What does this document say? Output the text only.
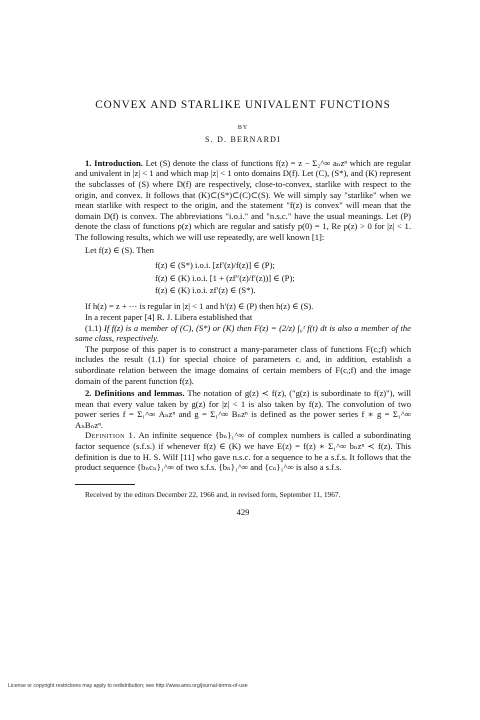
CONVEX AND STARLIKE UNIVALENT FUNCTIONS
BY
S. D. BERNARDI

1. Introduction. Let (S) denote the class of functions f(z) = z − Σ₂^∞ aₙzⁿ which are regular and univalent in |z| < 1 and which map |z| < 1 onto domains D(f). Let (C), (S*), and (K) represent the subclasses of (S) where D(f) are respectively, close-to-convex, starlike with respect to the origin, and convex. It follows that (K)⊂(S*)⊂(C)⊂(S). We will simply say "starlike" when we mean starlike with respect to the origin, and the statement "f(z) is convex" will mean that the domain D(f) is convex. The abbreviations "i.o.i." and "n.s.c." have the usual meanings. Let (P) denote the class of functions p(z) which are regular and satisfy p(0) = 1, Re p(z) > 0 for |z| < 1. The following results, which we will use repeatedly, are well known [1]:

Let f(z) ∈ (S). Then

f(z) ∈ (S*) i.o.i. [zf′(z)/f(z)] ∈ (P);
f(z) ∈ (K) i.o.i. [1 + (zf″(z)/f′(z))] ∈ (P);
f(z) ∈ (K) i.o.i. zf′(z) ∈ (S*).

If h(z) = z + ⋯ is regular in |z| < 1 and h′(z) ∈ (P) then h(z) ∈ (S).

In a recent paper [4] R. J. Libera established that

(1.1) If f(z) is a member of (C), (S*) or (K) then F(z) = (2/z) ∫₀ᶻ f(t) dt is also a member of the same class, respectively.

The purpose of this paper is to construct a many-parameter class of functions F(cᵢ;f) which includes the result (1.1) for special choice of parameters cᵢ and, in addition, establish a subordinate relation between the image domains of certain members of F(cᵢ;f) and the image domain of the parent function f(z).

2. Definitions and lemmas. The notation of g(z) ≺ f(z), ("g(z) is subordinate to f(z)"), will mean that every value taken by g(z) for |z| < 1 is also taken by f(z). The convolution of two power series f = Σ₁^∞ Aₙzⁿ and g = Σ₁^∞ Bₙzⁿ is defined as the power series f ∗ g = Σ₁^∞ AₙBₙzⁿ.

Definition 1. An infinite sequence {bₙ}₁^∞ of complex numbers is called a subordinating factor sequence (s.f.s.) if whenever f(z) ∈ (K) we have E(z) = f(z) ∗ Σ₁^∞ bₙzⁿ ≺ f(z). This definition is due to H. S. Wilf [11] who gave n.s.c. for a sequence to be a s.f.s. It follows that the product sequence {bₙcₙ}₁^∞ of two s.f.s. {bₙ}₁^∞ and {cₙ}₁^∞ is also a s.f.s.

Received by the editors December 22, 1966 and, in revised form, September 11, 1967.

429
License or copyright restrictions may apply to redistribution; see http://www.ams.org/journal-terms-of-use
